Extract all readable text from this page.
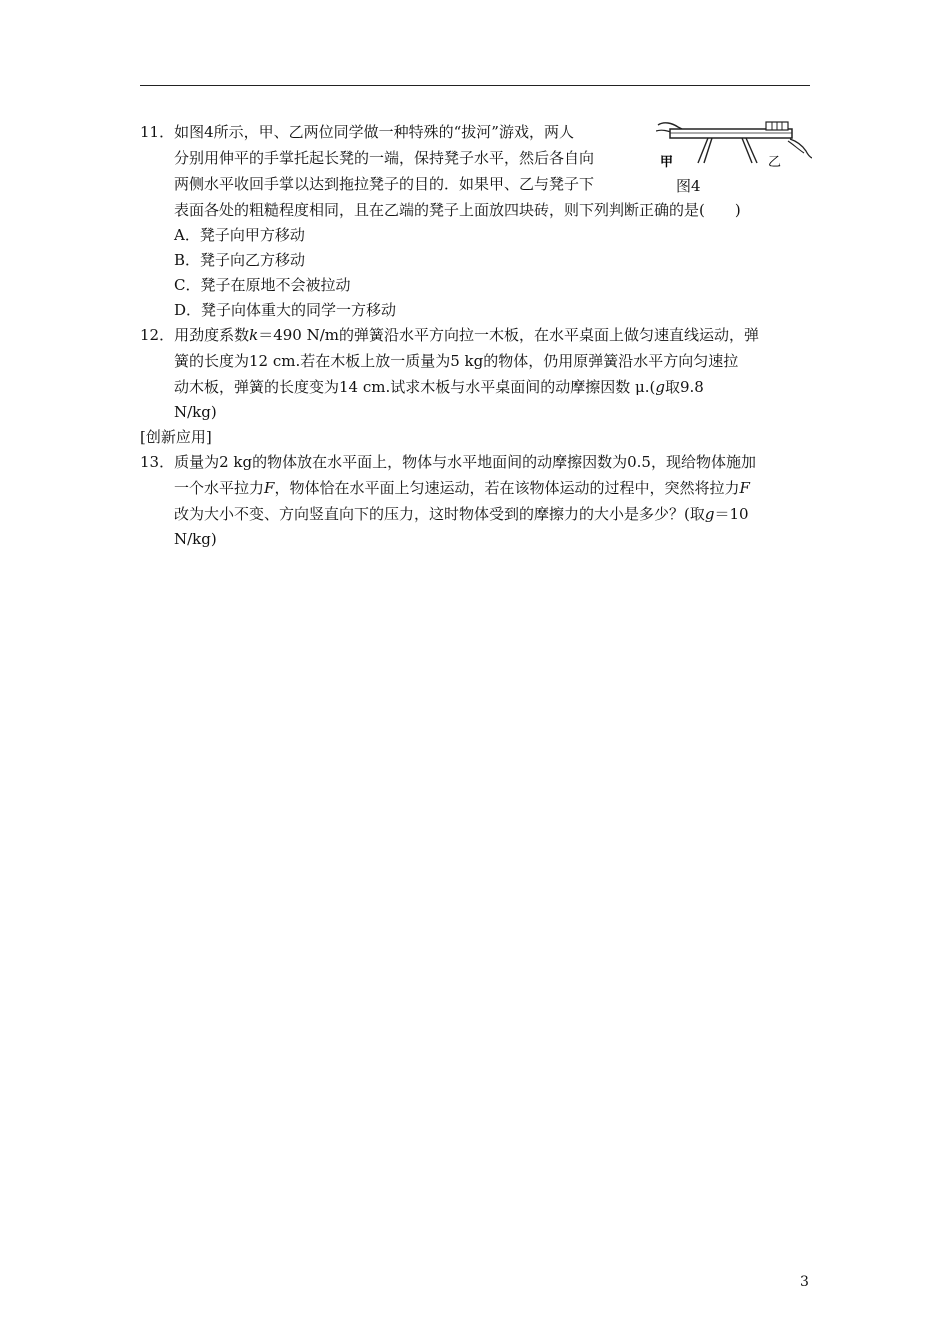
11．如图4所示，甲、乙两位同学做一种特殊的“拔河”游戏，两人
分别用伸平的手掌托起长凳的一端，保持凳子水平，然后各自向
两侧水平收回手掌以达到拖拉凳子的目的．如果甲、乙与凳子下
表面各处的粗糙程度相同，且在乙端的凳子上面放四块砖，则下列判断正确的是(　　)
A．凳子向甲方移动
B．凳子向乙方移动
C．凳子在原地不会被拉动
D．凳子向体重大的同学一方移动
甲	乙
图4
12．用劲度系数k＝490 N/m的弹簧沿水平方向拉一木板，在水平桌面上做匀速直线运动，弹
簧的长度为12 cm.若在木板上放一质量为5 kg的物体，仍用原弹簧沿水平方向匀速拉
动木板，弹簧的长度变为14 cm.试求木板与水平桌面间的动摩擦因数 μ.(g取9.8
N/kg)
[创新应用]
13．质量为2 kg的物体放在水平面上，物体与水平地面间的动摩擦因数为0.5，现给物体施加
一个水平拉力F，物体恰在水平面上匀速运动，若在该物体运动的过程中，突然将拉力F
改为大小不变、方向竖直向下的压力，这时物体受到的摩擦力的大小是多少？(取g＝10
N/kg)
3
